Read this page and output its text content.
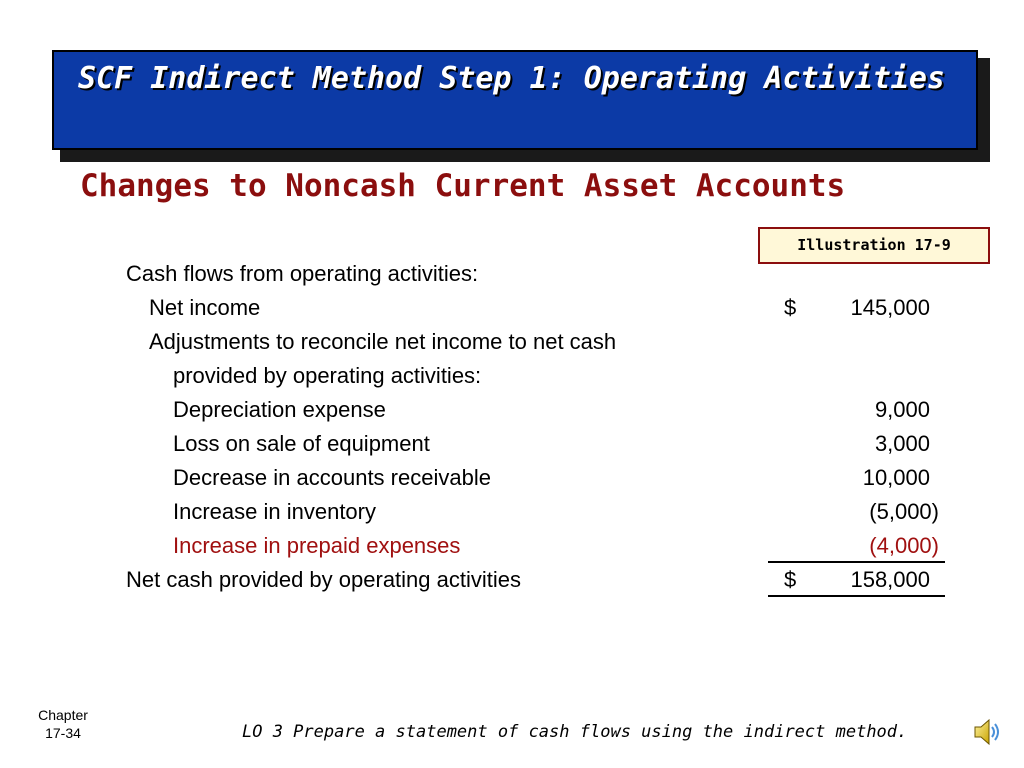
SCF Indirect Method Step 1: Operating Activities
Changes to Noncash Current Asset Accounts
Illustration 17-9
Cash flows from operating activities:
Net income	$	145,000
Adjustments to reconcile net income to net cash
provided by operating activities:
Depreciation expense	9,000
Loss on sale of equipment	3,000
Decrease in accounts receivable	10,000
Increase in inventory	(5,000)
Increase in prepaid expenses	(4,000)
Net cash provided by operating activities	$	158,000
Chapter
17-34	LO 3 Prepare a statement of cash flows using the indirect method.
